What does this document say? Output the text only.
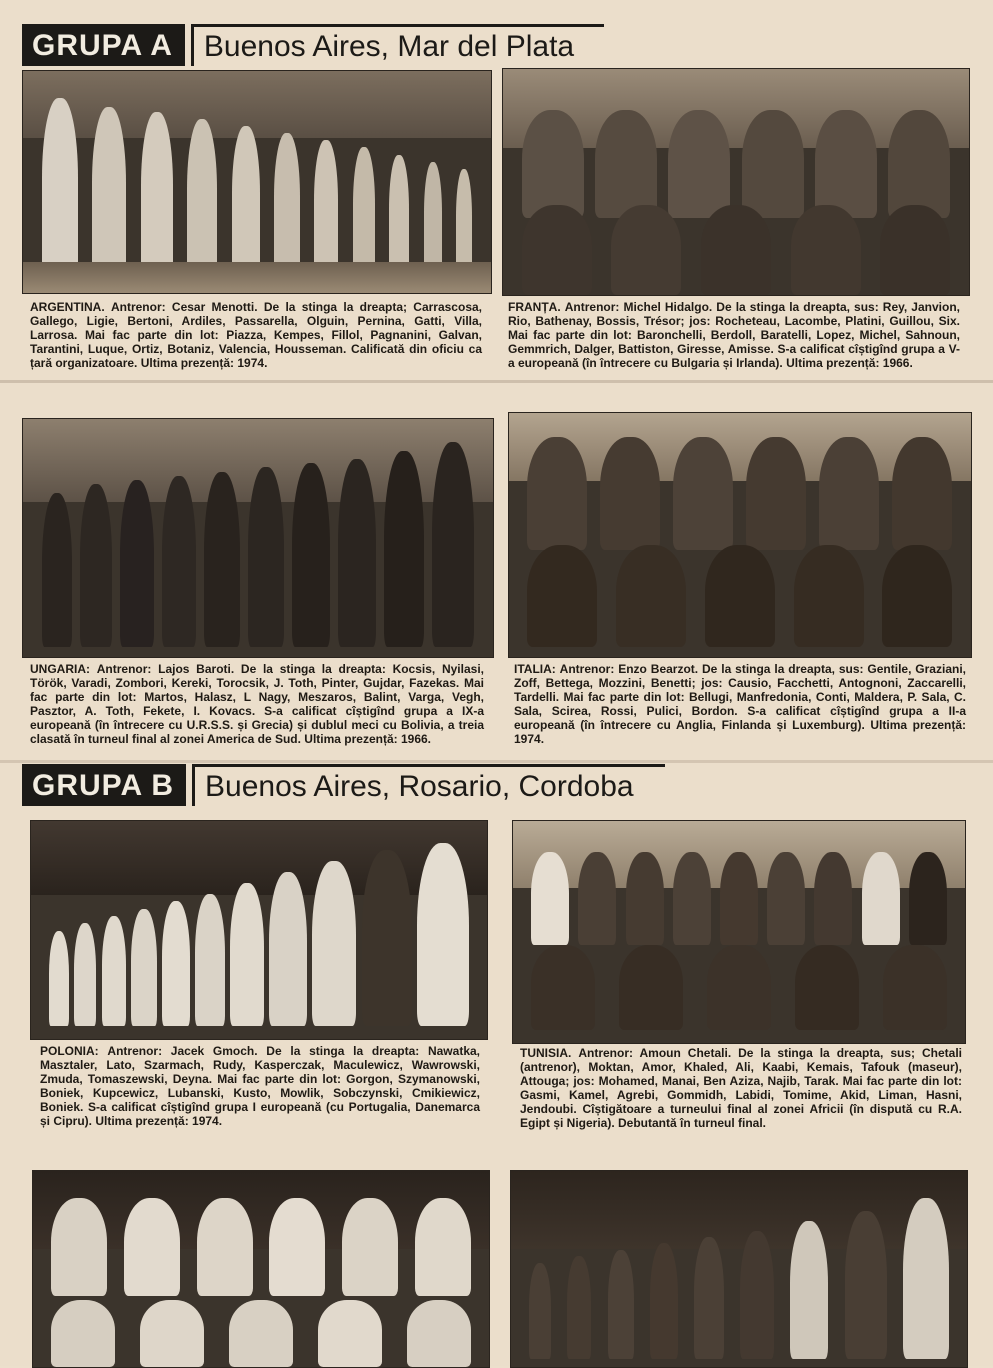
GRUPA A	Buenos Aires, Mar del Plata
ARGENTINA. Antrenor: Cesar Menotti. De la stinga la dreapta; Carrascosa, Gallego, Ligie, Bertoni, Ardiles, Passarella, Olguin, Pernina, Gatti, Villa, Larrosa. Mai fac parte din lot: Piazza, Kempes, Fillol, Pagnanini, Galvan, Tarantini, Luque, Ortiz, Botaniz, Valencia, Housseman. Calificată din oficiu ca țară organizatoare. Ultima prezență: 1974.
FRANȚA. Antrenor: Michel Hidalgo. De la stinga la dreapta, sus: Rey, Janvion, Rio, Bathenay, Bossis, Trésor; jos: Rocheteau, Lacombe, Platini, Guillou, Six. Mai fac parte din lot: Baronchelli, Berdoll, Baratelli, Lopez, Michel, Sahnoun, Gemmrich, Dalger, Battiston, Giresse, Amisse. S-a calificat cîștigînd grupa a V-a europeană (în întrecere cu Bulgaria și Irlanda). Ultima prezență: 1966.
UNGARIA: Antrenor: Lajos Baroti. De la stinga la dreapta: Kocsis, Nyilasi, Török, Varadi, Zombori, Kereki, Torocsik, J. Toth, Pinter, Gujdar, Fazekas. Mai fac parte din lot: Martos, Halasz, L Nagy, Meszaros, Balint, Varga, Vegh, Pasztor, A. Toth, Fekete, I. Kovacs. S-a calificat cîștigînd grupa a IX-a europeană (în întrecere cu U.R.S.S. și Grecia) și dublul meci cu Bolivia, a treia clasată în turneul final al zonei America de Sud. Ultima prezență: 1966.
ITALIA: Antrenor: Enzo Bearzot. De la stinga la dreapta, sus: Gentile, Graziani, Zoff, Bettega, Mozzini, Benetti; jos: Causio, Facchetti, Antognoni, Zaccarelli, Tardelli. Mai fac parte din lot: Bellugi, Manfredonia, Conti, Maldera, P. Sala, C. Sala, Scirea, Rossi, Pulici, Bordon. S-a calificat cîștigînd grupa a II-a europeană (în întrecere cu Anglia, Finlanda și Luxemburg). Ultima prezență: 1974.
GRUPA B	Buenos Aires, Rosario, Cordoba
POLONIA: Antrenor: Jacek Gmoch. De la stinga la dreapta: Nawatka, Masztaler, Lato, Szarmach, Rudy, Kasperczak, Maculewicz, Wawrowski, Zmuda, Tomaszewski, Deyna. Mai fac parte din lot: Gorgon, Szymanowski, Boniek, Kupcewicz, Lubanski, Kusto, Mowlik, Sobczynski, Cmikiewicz, Boniek. S-a calificat cîștigînd grupa I europeană (cu Portugalia, Danemarca și Cipru). Ultima prezență: 1974.
TUNISIA. Antrenor: Amoun Chetali. De la stinga la dreapta, sus; Chetali (antrenor), Moktan, Amor, Khaled, Ali, Kaabi, Kemais, Tafouk (maseur), Attouga; jos: Mohamed, Manai, Ben Aziza, Najib, Tarak. Mai fac parte din lot: Gasmi, Kamel, Agrebi, Gommidh, Labidi, Tomime, Akid, Liman, Hasni, Jendoubi. Cîștigătoare a turneului final al zonei Africii (în dispută cu R.A. Egipt și Nigeria). Debutantă în turneul final.
